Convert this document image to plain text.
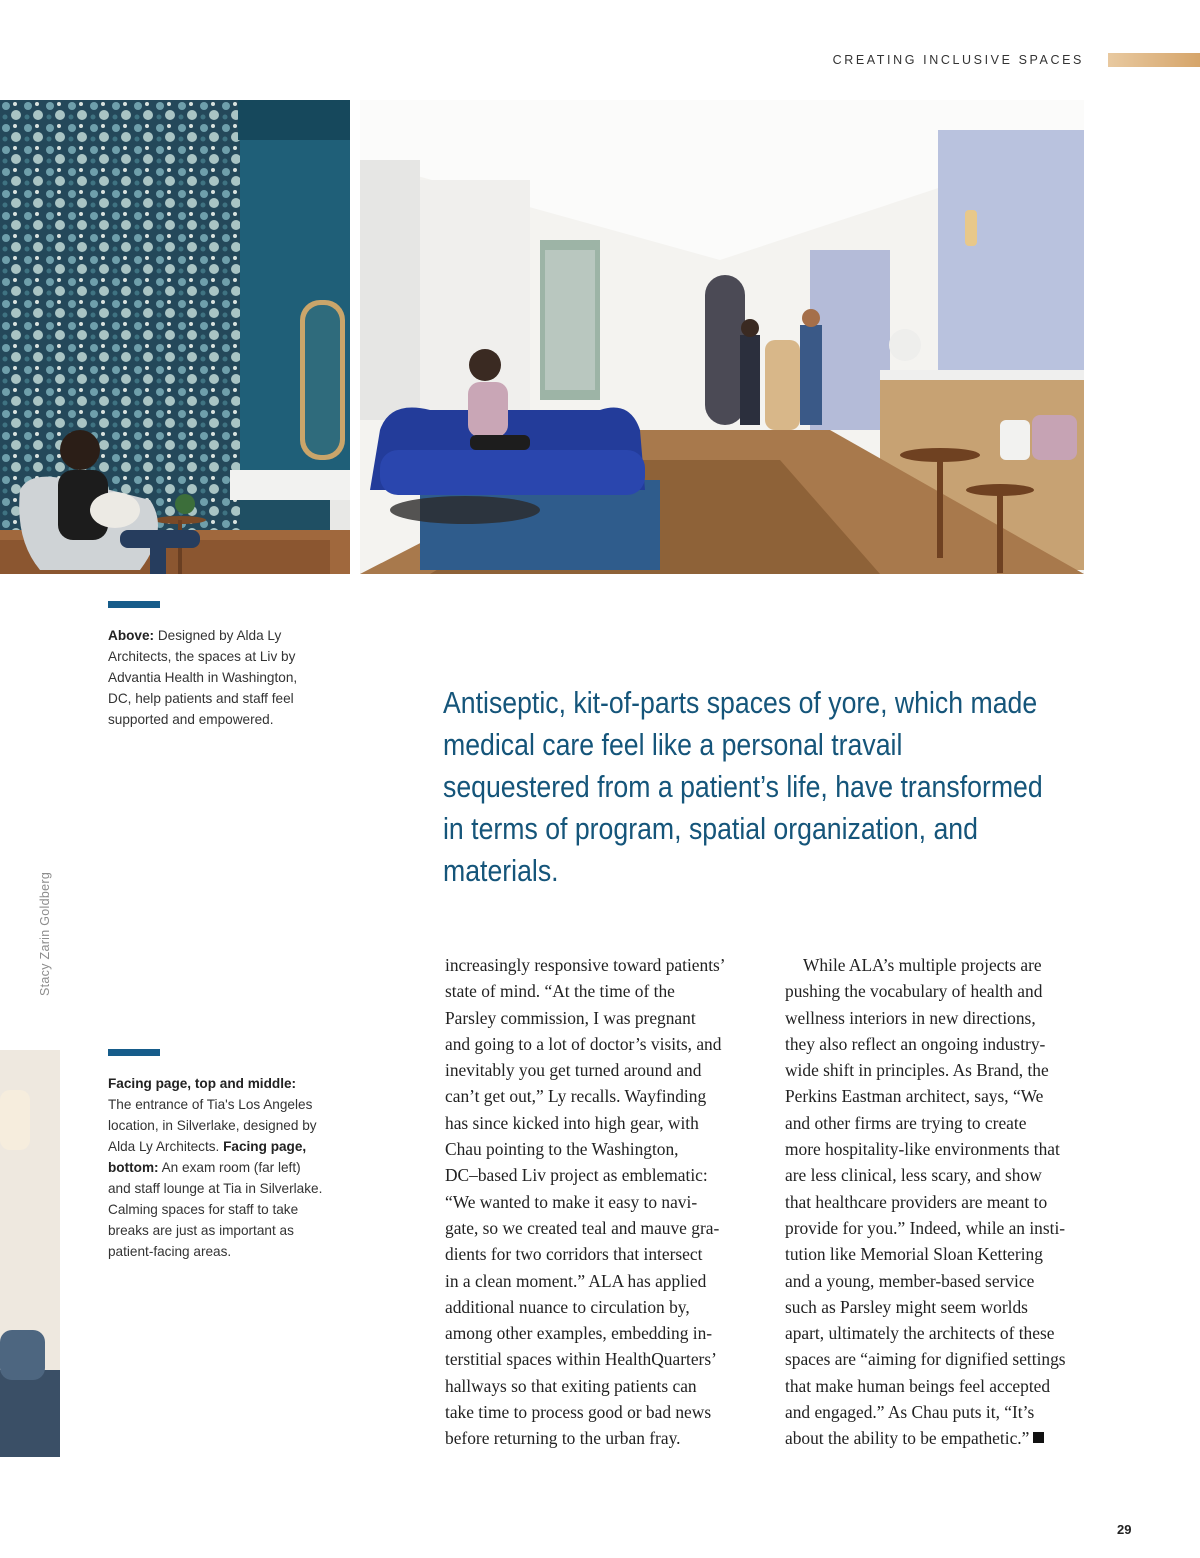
CREATING INCLUSIVE SPACES

Above: Designed by Alda Ly Architects, the spaces at Liv by Advantia Health in Washington, DC, help patients and staff feel supported and empowered.

Facing page, top and middle: The entrance of Tia's Los Angeles location, in Silverlake, designed by Alda Ly Architects. Facing page, bottom: An exam room (far left) and staff lounge at Tia in Silverlake. Calming spaces for staff to take breaks are just as important as patient-facing areas.

Antiseptic, kit-of-parts spaces of yore, which made medical care feel like a personal travail sequestered from a patient’s life, have transformed in terms of program, spatial organization, and materials.

Stacy Zarin Goldberg	increasingly responsive toward patients’

state of mind. “At the time of the

Parsley commission, I was pregnant

and going to a lot of doctor’s visits, and

inevitably you get turned around and

can’t get out,” Ly recalls. Wayfinding

has since kicked into high gear, with

Chau pointing to the Washington,

DC–based Liv project as emblematic:

“We wanted to make it easy to navi-

gate, so we created teal and mauve gra-

dients for two corridors that intersect

in a clean moment.” ALA has applied

additional nuance to circulation by,

among other examples, embedding in-

terstitial spaces within HealthQuarters’

hallways so that exiting patients can

take time to process good or bad news

before returning to the urban fray.

While ALA’s multiple projects are

pushing the vocabulary of health and

wellness interiors in new directions,

they also reflect an ongoing industry-

wide shift in principles. As Brand, the

Perkins Eastman architect, says, “We

and other firms are trying to create

more hospitality-like environments that

are less clinical, less scary, and show

that healthcare providers are meant to

provide for you.” Indeed, while an insti-

tution like Memorial Sloan Kettering

and a young, member-based service

such as Parsley might seem worlds

apart, ultimately the architects of these

spaces are “aiming for dignified settings

that make human beings feel accepted

and engaged.” As Chau puts it, “It’s

about the ability to be empathetic.”

29
